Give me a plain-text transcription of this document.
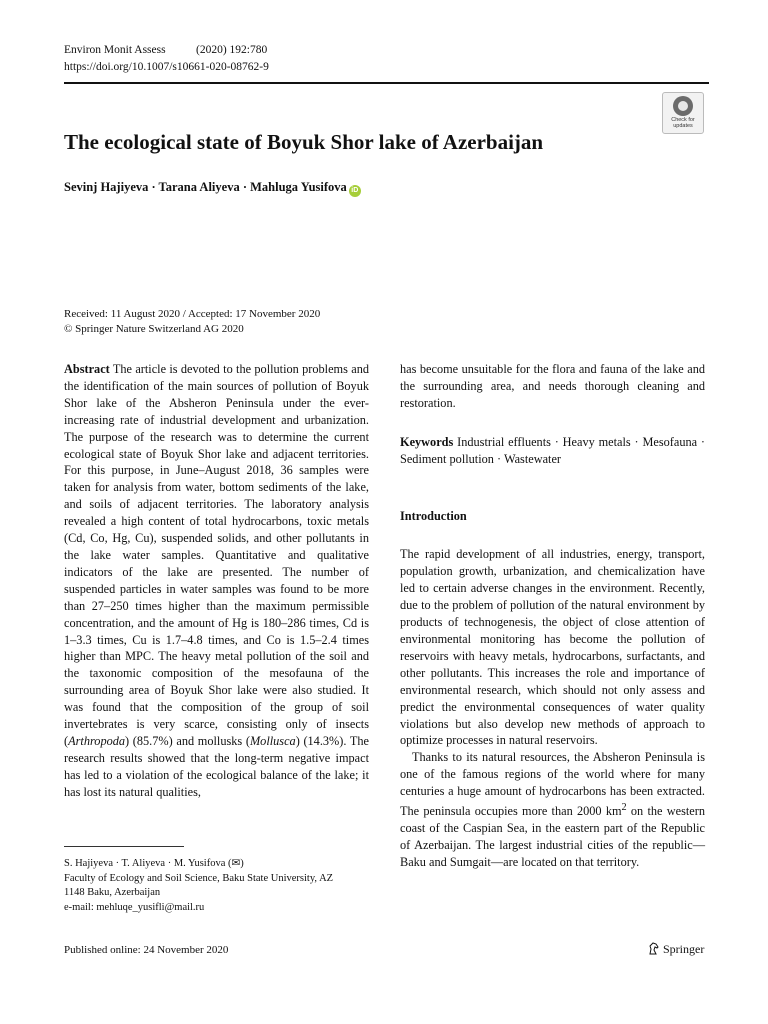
Environ Monit Assess	(2020) 192:780
https://doi.org/10.1007/s10661-020-08762-9
Check for
updates
The ecological state of Boyuk Shor lake of Azerbaijan
Sevinj Hajiyeva · Tarana Aliyeva · Mahluga Yusifova iD
Received: 11 August 2020 / Accepted: 17 November 2020
© Springer Nature Switzerland AG 2020

Abstract The article is devoted to the pollution problems and the identification of the main sources of pollution of Boyuk Shor lake of the Absheron Peninsula under the ever-increasing rate of industrial development and urbanization. The purpose of the research was to determine the current ecological state of Boyuk Shor lake and adjacent territories. For this purpose, in June–August 2018, 36 samples were taken for analysis from water, bottom sediments of the lake, and soils of adjacent territories. The laboratory analysis revealed a high content of total hydrocarbons, toxic metals (Cd, Co, Hg, Cu), suspended solids, and other pollutants in the lake water samples. Quantitative and qualitative indicators of the lake are presented. The number of suspended particles in water samples was found to be more than 27–250 times higher than the maximum permissible concentration, and the amount of Hg is 180–286 times, Cd is 1–3.3 times, Cu is 1.7–4.8 times, and Co is 1.5–2.4 times higher than MPC. The heavy metal pollution of the soil and the taxonomic composition of the mesofauna of the surrounding area of Boyuk Shor lake were also studied. It was found that the composition of the group of soil invertebrates is very scarce, consisting only of insects (Arthropoda) (85.7%) and mollusks (Mollusca) (14.3%). The research results showed that the long-term negative impact has led to a violation of the ecological balance of the lake; it has lost its natural qualities,

has become unsuitable for the flora and fauna of the lake and the surrounding area, and needs thorough cleaning and restoration.

Keywords Industrial effluents · Heavy metals · Mesofauna · Sediment pollution · Wastewater

Introduction

The rapid development of all industries, energy, transport, population growth, urbanization, and chemicalization have led to certain adverse changes in the environment. Recently, due to the problem of pollution of the natural environment by products of technogenesis, the object of close attention of environmental monitoring has become the pollution of reservoirs with heavy metals, hydrocarbons, surfactants, and other pollutants. This increases the role and importance of environmental research, which should not only assess and predict the environmental consequences of water quality violations but also develop new methods of approach to optimize processes in natural reservoirs.

Thanks to its natural resources, the Absheron Peninsula is one of the famous regions of the world where for many centuries a huge amount of hydrocarbons has been extracted. The peninsula occupies more than 2000 $km^2$ on the western coast of the Caspian Sea, in the eastern part of the Republic of Azerbaijan. The largest industrial cities of the republic—Baku and Sumgait—are located on that territory.

S. Hajiyeva · T. Aliyeva · M. Yusifova (✉)
Faculty of Ecology and Soil Science, Baku State University, AZ
1148 Baku, Azerbaijan
e-mail: mehluqe_yusifli@mail.ru
Published online: 24 November 2020	Springer
